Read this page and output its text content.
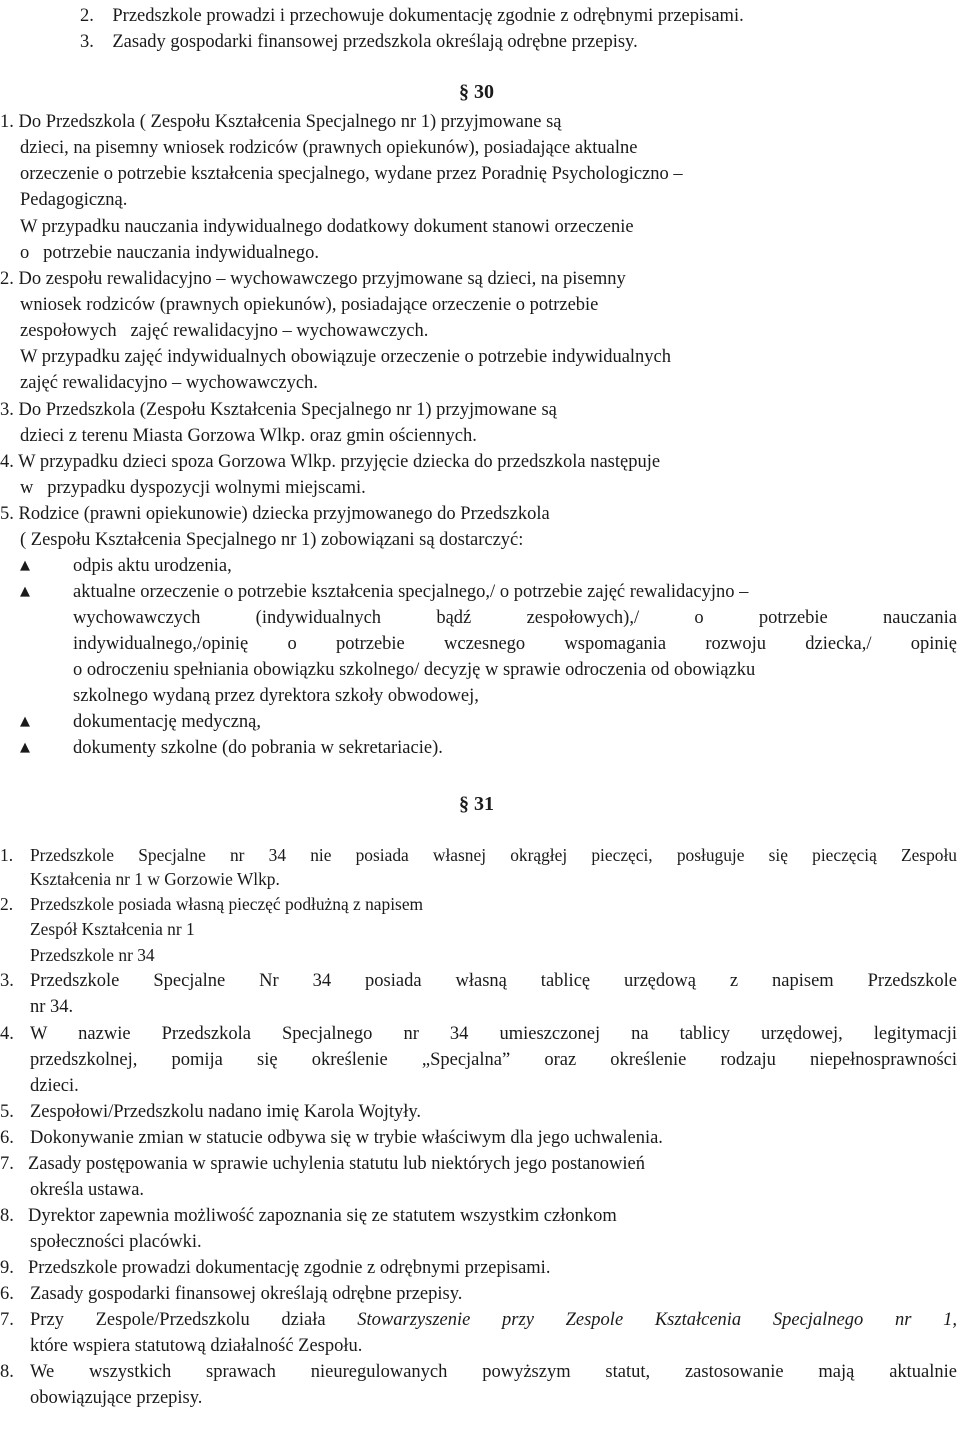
2. Przedszkole prowadzi i przechowuje dokumentację zgodnie z odrębnymi przepisami.
3. Zasady gospodarki finansowej przedszkola określają odrębne przepisy.
§ 30
1. Do Przedszkola ( Zespołu Kształcenia Specjalnego nr 1) przyjmowane są
dzieci, na pisemny wniosek rodziców (prawnych opiekunów), posiadające aktualne
orzeczenie o potrzebie kształcenia specjalnego, wydane przez Poradnię Psychologiczno –
Pedagogiczną.
W przypadku nauczania indywidualnego dodatkowy dokument stanowi orzeczenie
o  potrzebie nauczania indywidualnego.
2. Do zespołu rewalidacyjno – wychowawczego przyjmowane są dzieci, na pisemny
wniosek rodziców (prawnych opiekunów), posiadające orzeczenie o potrzebie
zespołowych  zajęć rewalidacyjno – wychowawczych.
W przypadku zajęć indywidualnych obowiązuje orzeczenie o potrzebie indywidualnych
zajęć rewalidacyjno – wychowawczych.
3. Do Przedszkola (Zespołu Kształcenia Specjalnego nr 1) przyjmowane są
dzieci z terenu Miasta Gorzowa Wlkp. oraz gmin ościennych.
4. W przypadku dzieci spoza Gorzowa Wlkp. przyjęcie dziecka do przedszkola następuje
w  przypadku dyspozycji wolnymi miejscami.
5. Rodzice (prawni opiekunowie) dziecka przyjmowanego do Przedszkola
( Zespołu Kształcenia Specjalnego nr 1) zobowiązani są dostarczyć:
▲ odpis aktu urodzenia,
▲ aktualne orzeczenie o potrzebie kształcenia specjalnego,/ o potrzebie zajęć rewalidacyjno –
wychowawczych (indywidualnych bądź zespołowych),/ o potrzebie nauczania
indywidualnego,/opinię o potrzebie wczesnego wspomagania rozwoju dziecka,/ opinię
o odroczeniu spełniania obowiązku szkolnego/ decyzję w sprawie odroczenia od obowiązku
szkolnego wydaną przez dyrektora szkoły obwodowej,
▲ dokumentację medyczną,
▲ dokumenty szkolne (do pobrania w sekretariacie).
§ 31
1. Przedszkole Specjalne nr 34 nie posiada własnej okrągłej pieczęci, posługuje się pieczęcią Zespołu
Kształcenia nr 1 w Gorzowie Wlkp.
2. Przedszkole posiada własną pieczęć podłużną z napisem
Zespół Kształcenia nr 1
Przedszkole nr 34
3. Przedszkole Specjalne Nr 34 posiada własną tablicę urzędową z napisem Przedszkole
nr 34.
4. W nazwie Przedszkola Specjalnego nr 34 umieszczonej na tablicy urzędowej, legitymacji
przedszkolnej, pomija się określenie „Specjalna” oraz określenie rodzaju niepełnosprawności
dzieci.
5. Zespołowi/Przedszkolu nadano imię Karola Wojtyły.
6. Dokonywanie zmian w statucie odbywa się w trybie właściwym dla jego uchwalenia.
7. Zasady postępowania w sprawie uchylenia statutu lub niektórych jego postanowień
określa ustawa.
8. Dyrektor zapewnia możliwość zapoznania się ze statutem wszystkim członkom
społeczności placówki.
9. Przedszkole prowadzi dokumentację zgodnie z odrębnymi przepisami.
6. Zasady gospodarki finansowej określają odrębne przepisy.
7. Przy Zespole/Przedszkolu działa Stowarzyszenie przy Zespole Kształcenia Specjalnego nr 1,
które wspiera statutową działalność Zespołu.
8. We wszystkich sprawach nieuregulowanych powyższym statut, zastosowanie mają aktualnie
obowiązujące przepisy.
